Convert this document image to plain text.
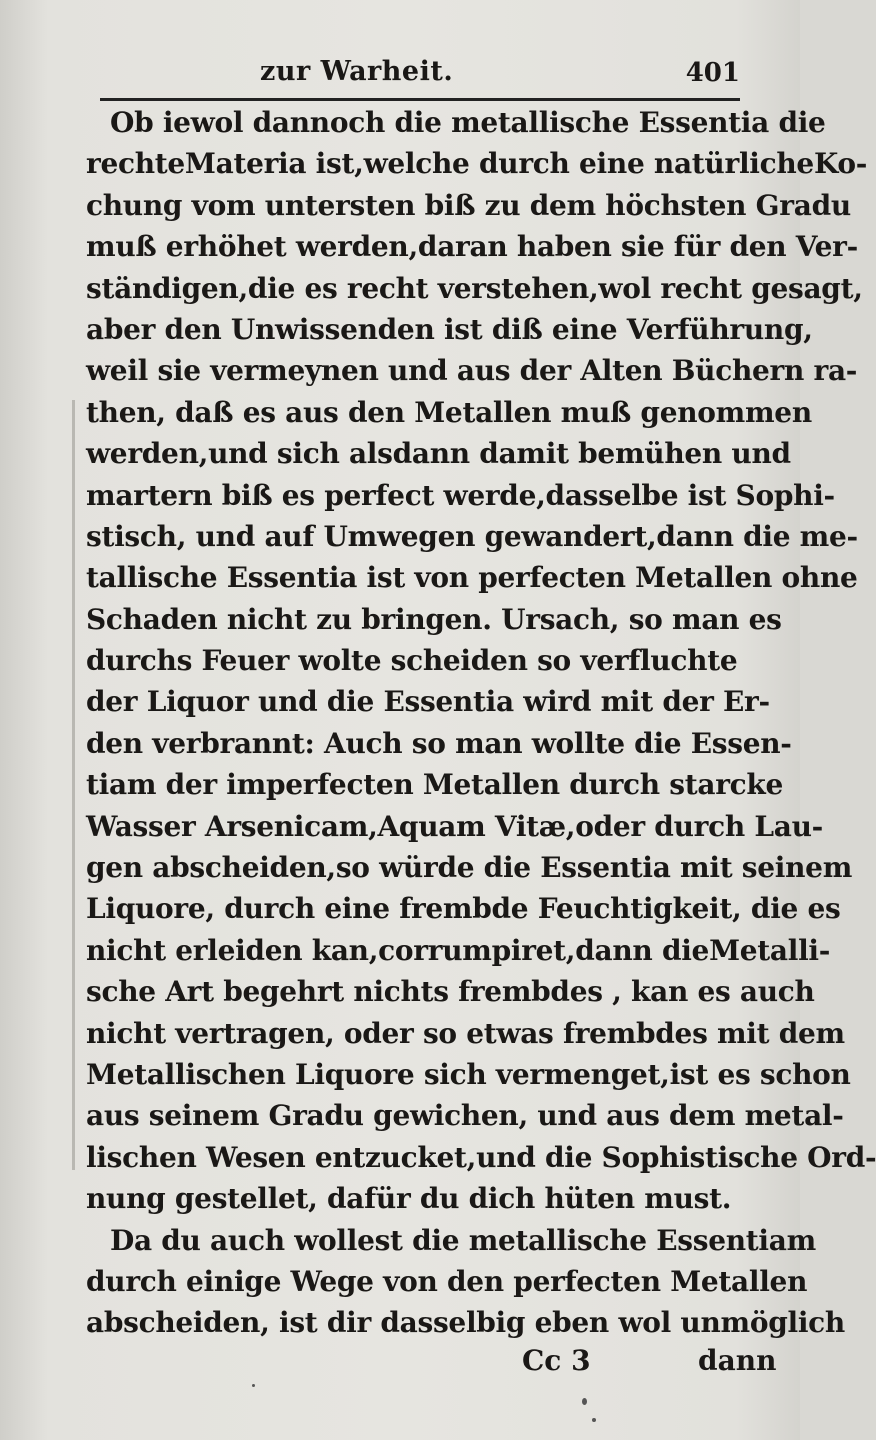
zur Warheit.	401
Ob iewol dannoch die metallische Essentia die
rechteMateria ist,welche durch eine natürlicheKo-
chung vom untersten biß zu dem höchsten Gradu
muß erhöhet werden,daran haben sie für den Ver-
ständigen,die es recht verstehen,wol recht gesagt,
aber den Unwissenden ist diß eine Verführung,
weil sie vermeynen und aus der Alten Büchern ra-
then, daß es aus den Metallen muß genommen
werden,und sich alsdann damit bemühen und
martern biß es perfect werde,dasselbe ist Sophi-
stisch, und auf Umwegen gewandert,dann die me-
tallische Essentia ist von perfecten Metallen ohne
Schaden nicht zu bringen. Ursach, so man es
durchs Feuer wolte scheiden so verfluchte
der Liquor und die Essentia wird mit der Er-
den verbrannt: Auch so man wollte die Essen-
tiam der imperfecten Metallen durch starcke
Wasser Arsenicam,Aquam Vitæ,oder durch Lau-
gen abscheiden,so würde die Essentia mit seinem
Liquore, durch eine frembde Feuchtigkeit, die es
nicht erleiden kan,corrumpiret,dann dieMetalli-
sche Art begehrt nichts frembdes , kan es auch
nicht vertragen, oder so etwas frembdes mit dem
Metallischen Liquore sich vermenget,ist es schon
aus seinem Gradu gewichen, und aus dem metal-
lischen Wesen entzucket,und die Sophistische Ord-
nung gestellet, dafür du dich hüten must.
Da du auch wollest die metallische Essentiam
durch einige Wege von den perfecten Metallen
abscheiden, ist dir dasselbig eben wol unmöglich
Cc 3	dann
